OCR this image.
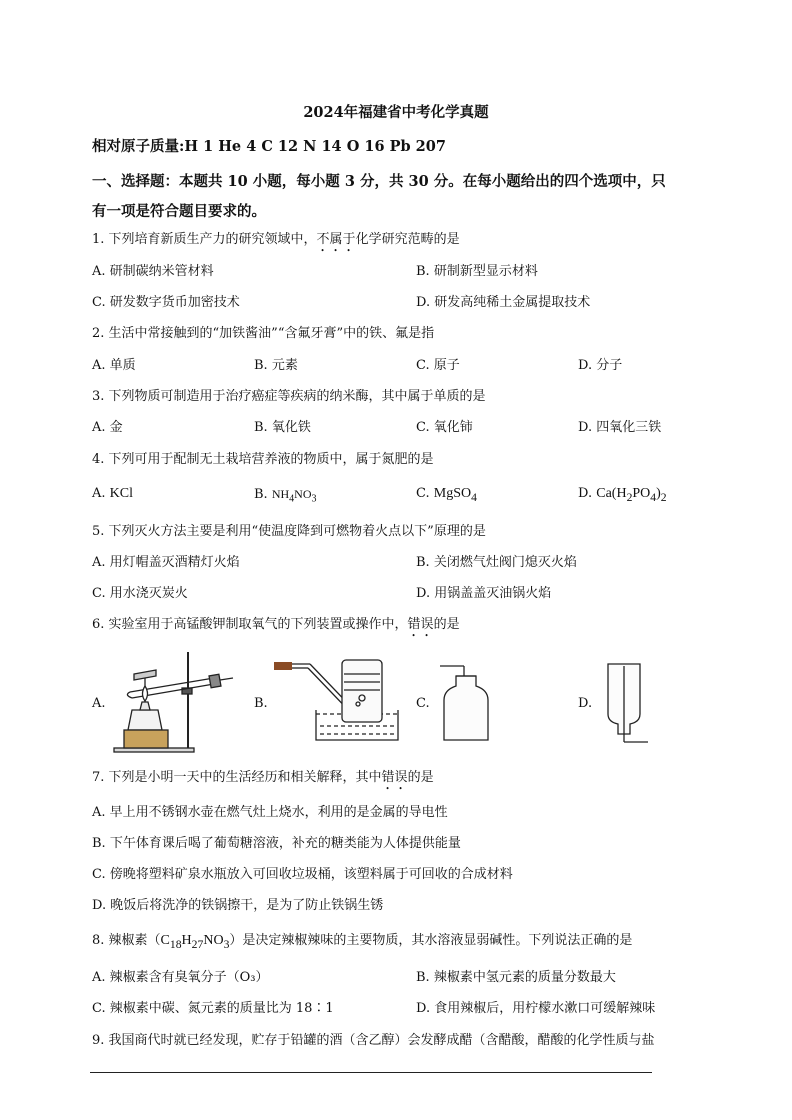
2024年福建省中考化学真题
相对原子质量:H 1 He 4 C 12 N 14 O 16 Pb 207
一、选择题：本题共 10 小题，每小题 3 分，共 30 分。在每小题给出的四个选项中，只
有一项是符合题目要求的。
1. 下列培育新质生产力的研究领域中，不属于化学研究范畴的是
A. 研制碳纳米管材料	B. 研制新型显示材料
C. 研发数字货币加密技术	D. 研发高纯稀土金属提取技术
2. 生活中常接触到的“加铁酱油”“含氟牙膏”中的铁、氟是指
A. 单质	B. 元素	C. 原子	D. 分子
3. 下列物质可制造用于治疗癌症等疾病的纳米酶，其中属于单质的是
A. 金	B. 氧化铁	C. 氧化铈	D. 四氧化三铁
4. 下列可用于配制无土栽培营养液的物质中，属于氮肥的是
A. KCl	B. $NH_4NO_3$	C. MgSO$_4$	D. $Ca(H_2PO_4)_2$
5. 下列灭火方法主要是利用“使温度降到可燃物着火点以下”原理的是
A. 用灯帽盖灭酒精灯火焰	B. 关闭燃气灶阀门熄灭火焰
C. 用水浇灭炭火	D. 用锅盖盖灭油锅火焰
6. 实验室用于高锰酸钾制取氧气的下列装置或操作中，错误的是
A.	B.	C.	D.
7. 下列是小明一天中的生活经历和相关解释，其中错误的是
A. 早上用不锈钢水壶在燃气灶上烧水，利用的是金属的导电性
B. 下午体育课后喝了葡萄糖溶液，补充的糖类能为人体提供能量
C. 傍晚将塑料矿泉水瓶放入可回收垃圾桶，该塑料属于可回收的合成材料
D. 晚饭后将洗净的铁锅擦干，是为了防止铁锅生锈
8. 辣椒素$(C_{18}H_{27}NO_3)$是决定辣椒辣味的主要物质，其水溶液显弱碱性。下列说法正确的是
A. 辣椒素含有臭氧分子（O₃）	B. 辣椒素中氢元素的质量分数最大
C. 辣椒素中碳、氮元素的质量比为 18∶1	D. 食用辣椒后，用柠檬水漱口可缓解辣味
9. 我国商代时就已经发现，贮存于铅罐的酒（含乙醇）会发酵成醋（含醋酸，醋酸的化学性质与盐
